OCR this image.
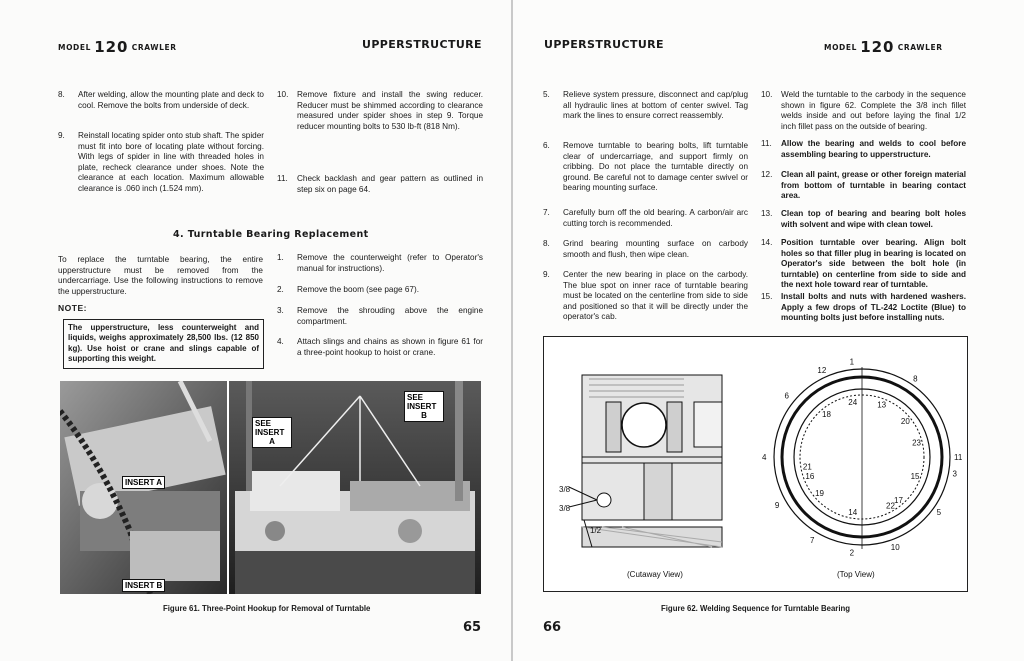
MODEL 120 CRAWLER	UPPERSTRUCTURE
8.	After welding, allow the mounting plate and deck to cool. Remove the bolts from underside of deck.
9.	Reinstall locating spider onto stub shaft. The spider must fit into bore of locating plate without forcing. With legs of spider in line with threaded holes in plate, recheck clearance under shoes. Note the clearance at each location. Maximum allowable clearance is .060 inch (1.524 mm).
10.	Remove fixture and install the swing reducer. Reducer must be shimmed according to clearance measured under spider shoes in step 9. Torque reducer mounting bolts to 530 lb-ft (818 Nm).
11.	Check backlash and gear pattern as outlined in step six on page 64.
4. Turntable Bearing Replacement
To replace the turntable bearing, the entire upperstructure must be removed from the undercarriage. Use the following instructions to remove the upperstructure.
NOTE:
The upperstructure, less counterweight and liquids, weighs approximately 28,500 lbs. (12 850 kg). Use hoist or crane and slings capable of supporting this weight.
1.	Remove the counterweight (refer to Operator's manual for instructions).
2.	Remove the boom (see page 67).
3.	Remove the shrouding above the engine compartment.
4.	Attach slings and chains as shown in figure 61 for a three-point hookup to hoist or crane.
INSERT A
INSERT B
SEE
INSERT
A
SEE
INSERT
B
Figure 61. Three-Point Hookup for Removal of Turntable
65
UPPERSTRUCTURE	MODEL 120 CRAWLER
5.	Relieve system pressure, disconnect and cap/plug all hydraulic lines at bottom of center swivel. Tag mark the lines to ensure correct reassembly.
6.	Remove turntable to bearing bolts, lift turntable clear of undercarriage, and support firmly on cribbing. Do not place the turntable directly on ground. Be careful not to damage center swivel or bearing mounting surface.
7.	Carefully burn off the old bearing. A carbon/air arc cutting torch is recommended.
8.	Grind bearing mounting surface on carbody smooth and flush, then wipe clean.
9.	Center the new bearing in place on the carbody. The blue spot on inner race of turntable bearing must be located on the centerline from side to side and positioned so that it will be directly under the operator's cab.
10.	Weld the turntable to the carbody in the sequence shown in figure 62. Complete the 3/8 inch fillet welds inside and out before laying the final 1/2 inch fillet pass on the outside of bearing.
11.	Allow the bearing and welds to cool before assembling bearing to upperstructure.
12.	Clean all paint, grease or other foreign material from bottom of turntable in bearing contact area.
13.	Clean top of bearing and bearing bolt holes with solvent and wipe with clean towel.
14.	Position turntable over bearing. Align bolt holes so that filler plug in bearing is located on Operator's side between the bolt hole (in turntable) on centerline from side to side and the next hole toward rear of turntable.
15.	Install bolts and nuts with hardened washers. Apply a few drops of TL-242 Loctite (Blue) to mounting bolts just before installing nuts.
3/8
3/8
1/2
1
2
3
4
5
6
7
8
9
10
11
12
13
14
15
16
17
18
19
20
21
22
23
24
(Cutaway View)	(Top View)
Figure 62. Welding Sequence for Turntable Bearing
66
